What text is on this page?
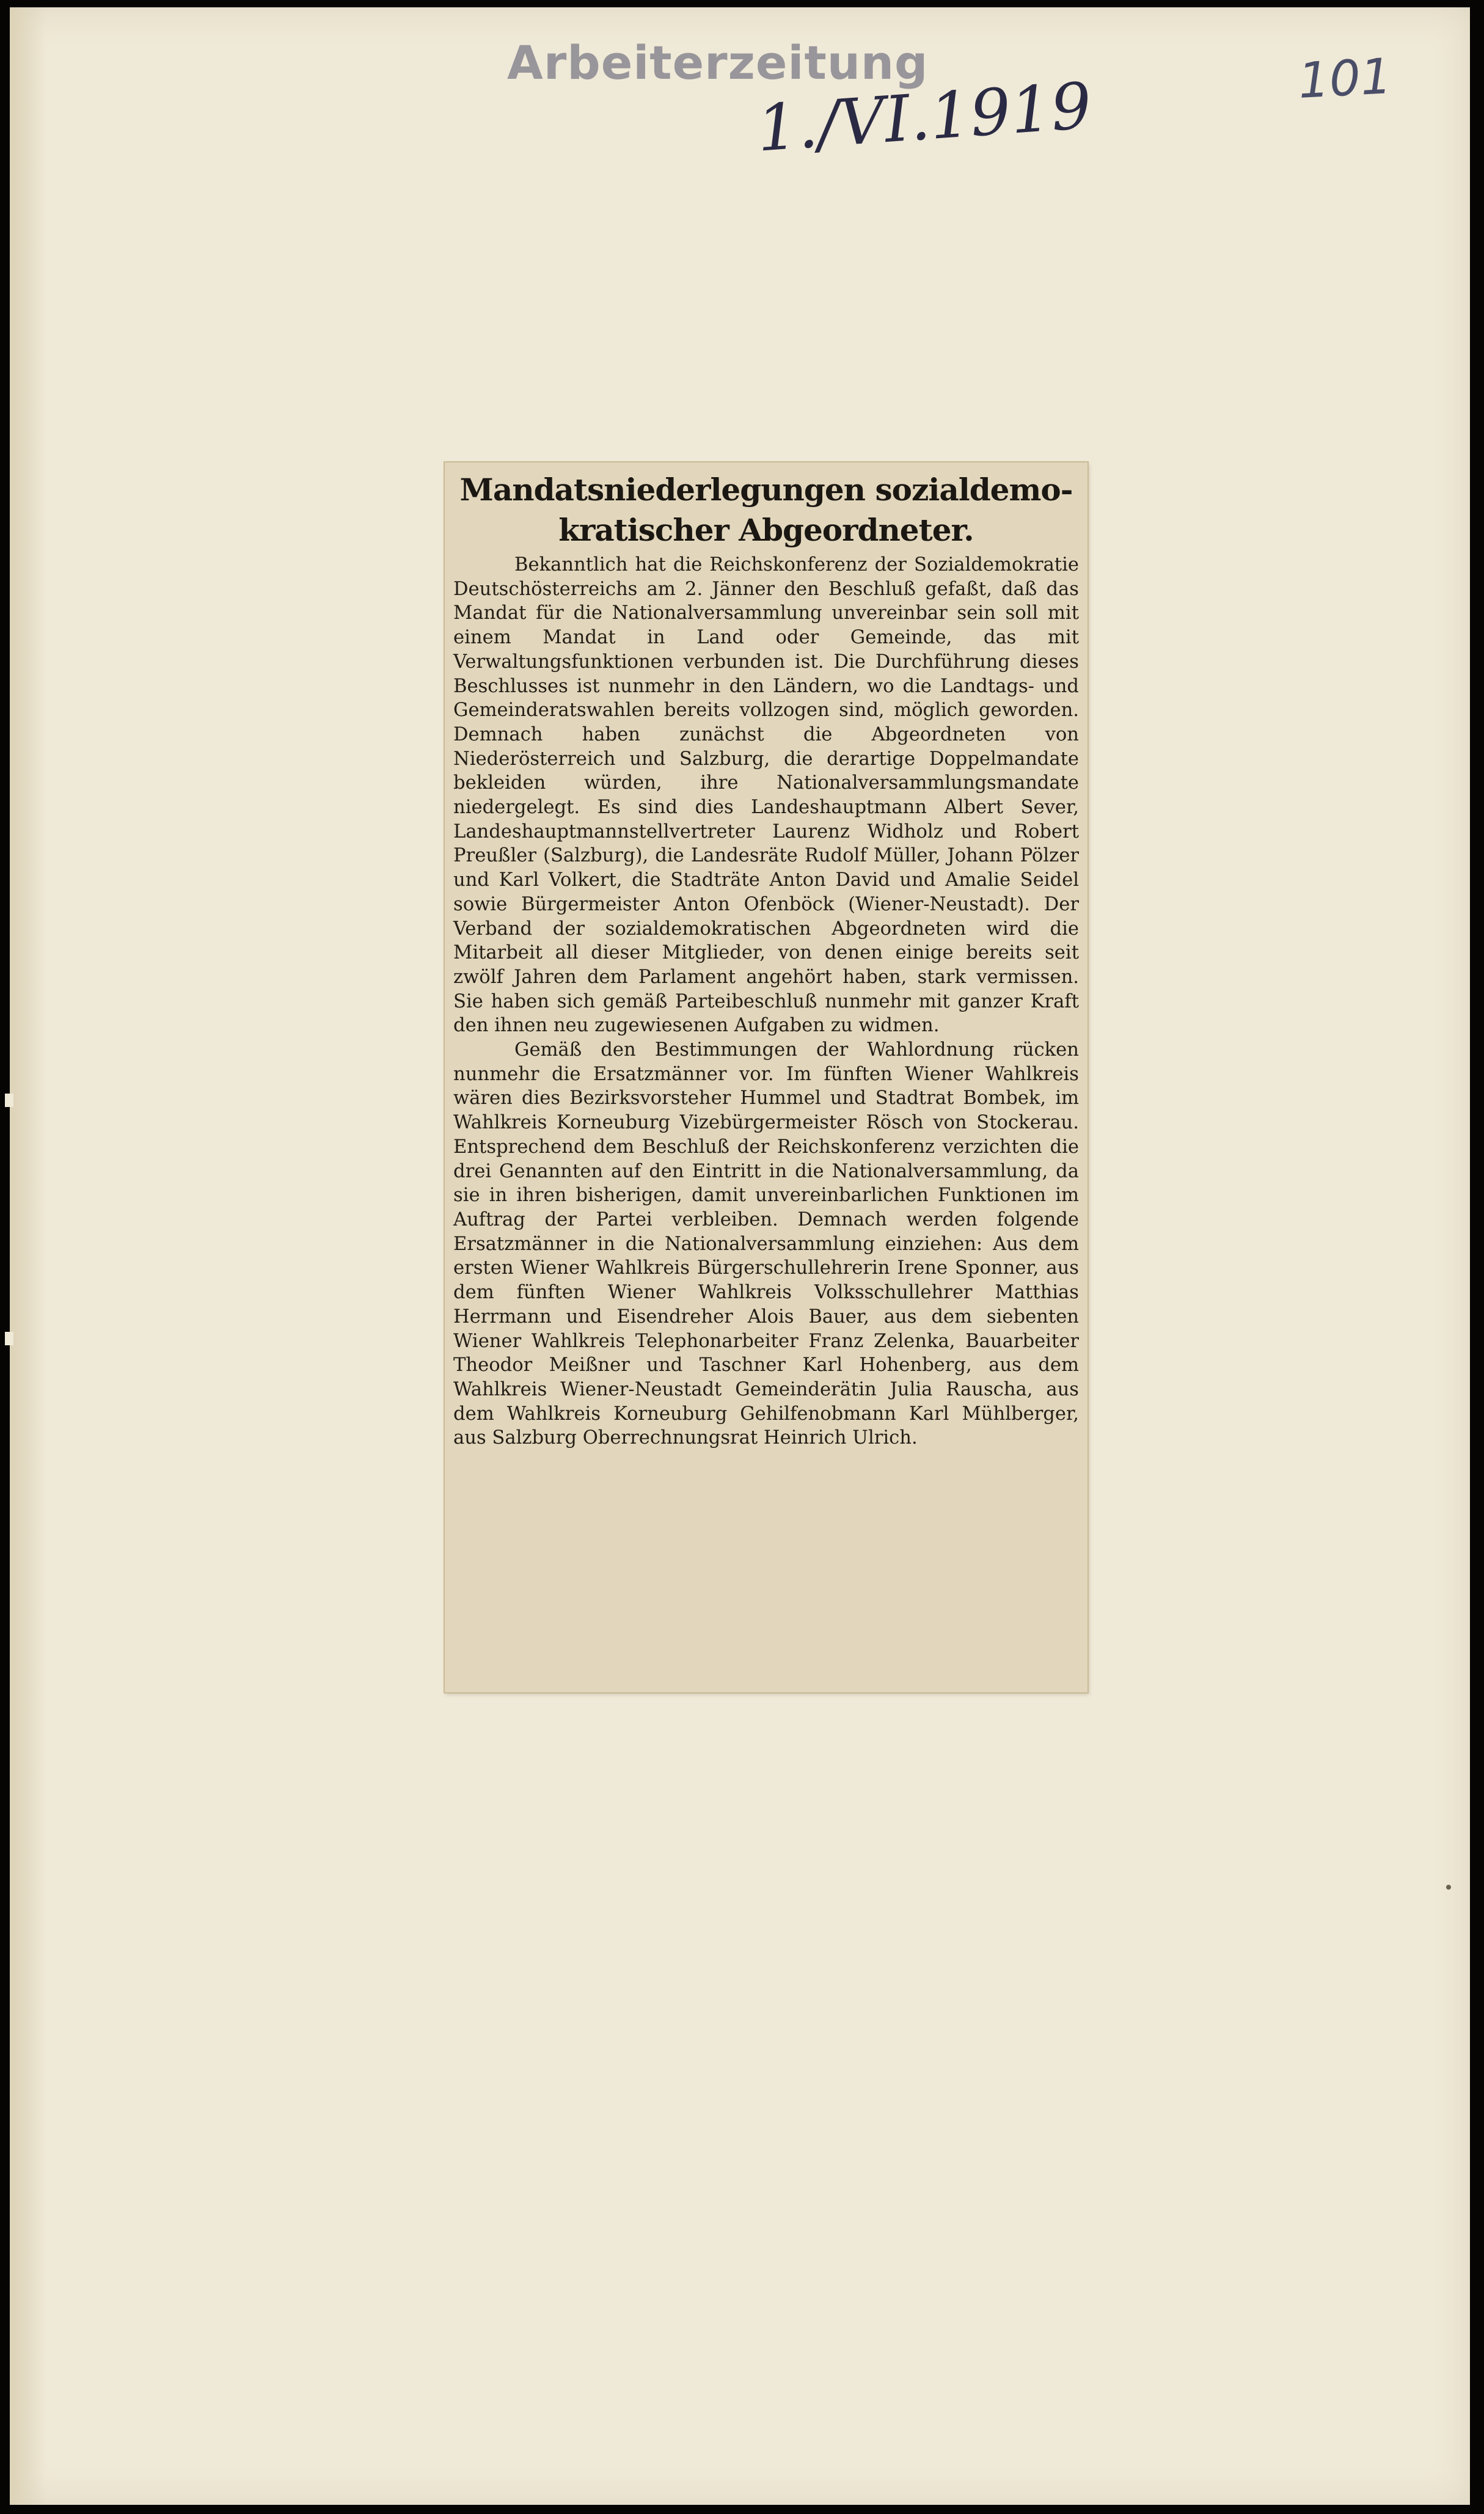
Arbeiterzeitung
1./VI.1919	101
Mandatsniederlegungen sozialdemo-
kratischer Abgeordneter.

Bekanntlich hat die Reichskonferenz der Sozialdemokratie Deutschösterreichs am 2. Jänner den Beschluß gefaßt, daß das Mandat für die Nationalversammlung unvereinbar sein soll mit einem Mandat in Land oder Gemeinde, das mit Verwaltungsfunktionen verbunden ist. Die Durchführung dieses Beschlusses ist nunmehr in den Ländern, wo die Landtags- und Gemeinderatswahlen bereits vollzogen sind, möglich geworden. Demnach haben zunächst die Abgeordneten von Niederösterreich und Salzburg, die derartige Doppelmandate bekleiden würden, ihre Nationalversammlungsmandate niedergelegt. Es sind dies Landeshauptmann Albert Sever, Landeshauptmannstellvertreter Laurenz Widholz und Robert Preußler (Salzburg), die Landesräte Rudolf Müller, Johann Pölzer und Karl Volkert, die Stadträte Anton David und Amalie Seidel sowie Bürgermeister Anton Ofenböck (Wiener-Neustadt). Der Verband der sozialdemokratischen Abgeordneten wird die Mitarbeit all dieser Mitglieder, von denen einige bereits seit zwölf Jahren dem Parlament angehört haben, stark vermissen. Sie haben sich gemäß Parteibeschluß nunmehr mit ganzer Kraft den ihnen neu zugewiesenen Aufgaben zu widmen.

Gemäß den Bestimmungen der Wahlordnung rücken nunmehr die Ersatzmänner vor. Im fünften Wiener Wahlkreis wären dies Bezirksvorsteher Hummel und Stadtrat Bombek, im Wahlkreis Korneuburg Vizebürgermeister Rösch von Stockerau. Entsprechend dem Beschluß der Reichskonferenz verzichten die drei Genannten auf den Eintritt in die Nationalversammlung, da sie in ihren bisherigen, damit unvereinbarlichen Funktionen im Auftrag der Partei verbleiben. Demnach werden folgende Ersatzmänner in die Nationalversammlung einziehen: Aus dem ersten Wiener Wahlkreis Bürgerschullehrerin Irene Sponner, aus dem fünften Wiener Wahlkreis Volksschullehrer Matthias Herrmann und Eisendreher Alois Bauer, aus dem siebenten Wiener Wahlkreis Telephonarbeiter Franz Zelenka, Bauarbeiter Theodor Meißner und Taschner Karl Hohenberg, aus dem Wahlkreis Wiener-Neustadt Gemeinderätin Julia Rauscha, aus dem Wahlkreis Korneuburg Gehilfenobmann Karl Mühlberger, aus Salzburg Oberrechnungsrat Heinrich Ulrich.
